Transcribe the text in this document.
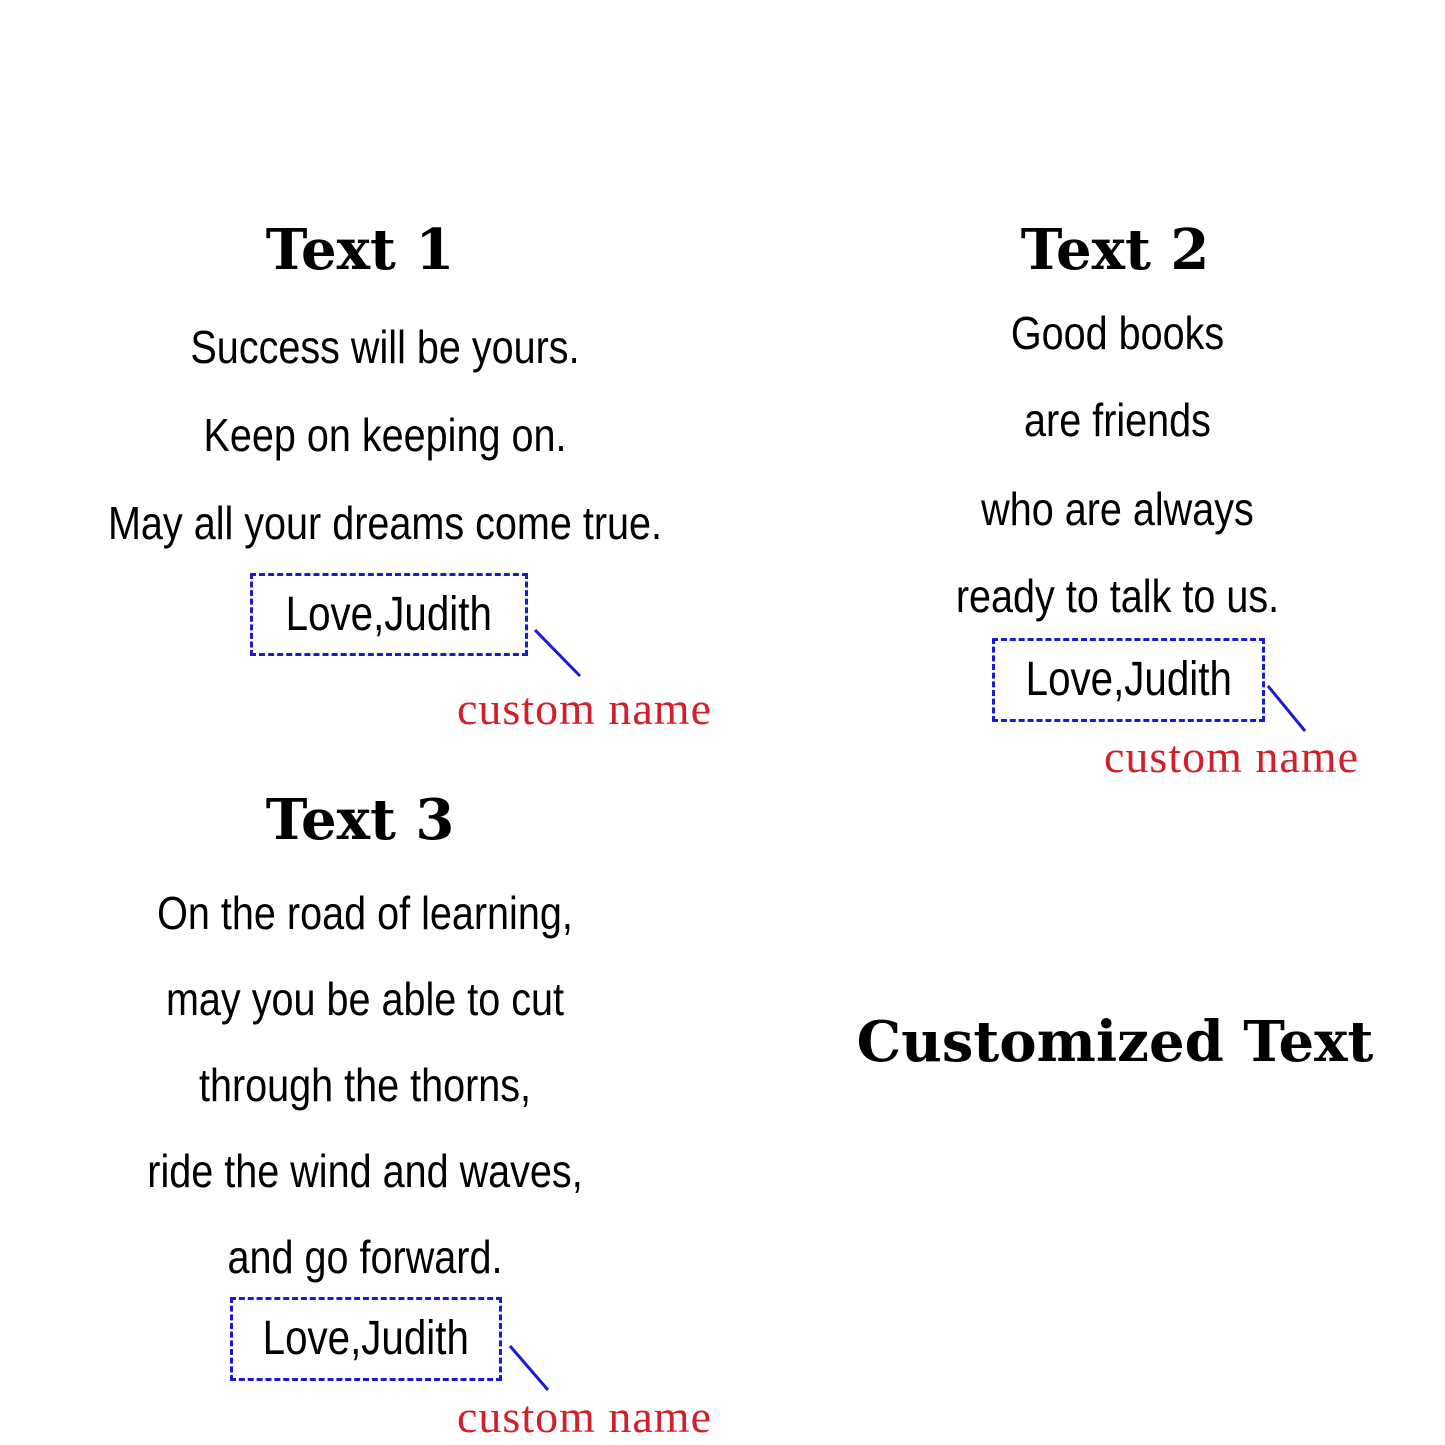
Text 1
Success will be yours.
Keep on keeping on.
May all your dreams come true.
Love,Judith
custom name
Text 2
Good books
are friends
who are always
ready to talk to us.
Love,Judith
custom name
Text 3
On the road of learning,
may you be able to cut
through the thorns,
ride the wind and waves,
and go forward.
Love,Judith
custom name
Customized Text
